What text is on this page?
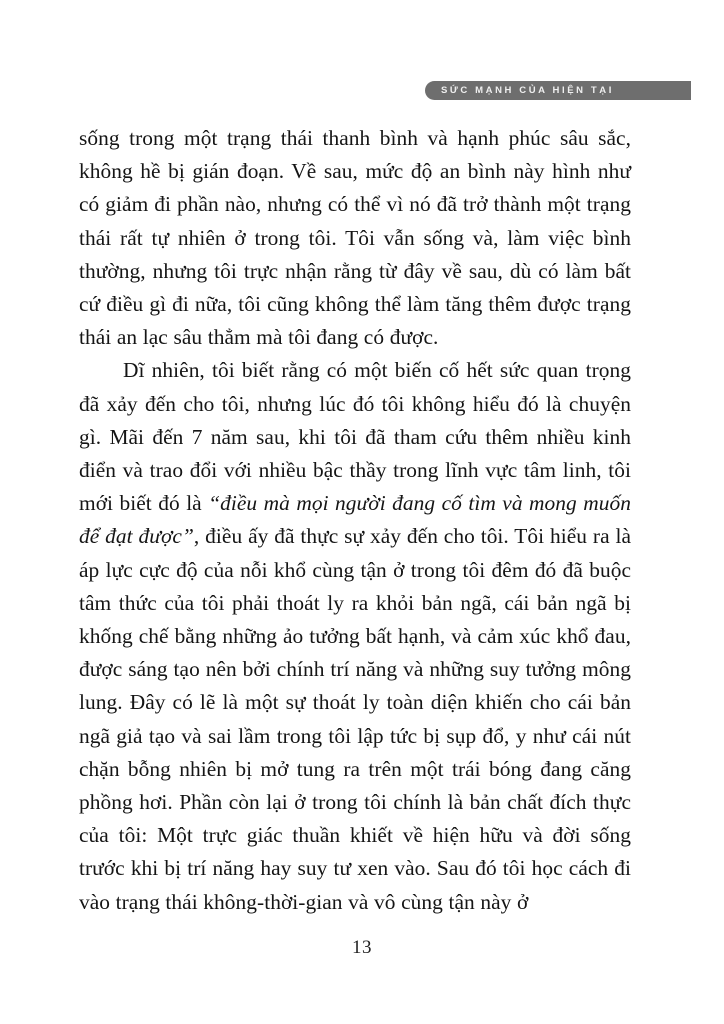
SỨC MẠNH CỦA HIỆN TẠI

sống trong một trạng thái thanh bình và hạnh phúc sâu sắc, không hề bị gián đoạn. Về sau, mức độ an bình này hình như có giảm đi phần nào, nhưng có thể vì nó đã trở thành một trạng thái rất tự nhiên ở trong tôi. Tôi vẫn sống và, làm việc bình thường, nhưng tôi trực nhận rằng từ đây về sau, dù có làm bất cứ điều gì đi nữa, tôi cũng không thể làm tăng thêm được trạng thái an lạc sâu thẳm mà tôi đang có được.

Dĩ nhiên, tôi biết rằng có một biến cố hết sức quan trọng đã xảy đến cho tôi, nhưng lúc đó tôi không hiểu đó là chuyện gì. Mãi đến 7 năm sau, khi tôi đã tham cứu thêm nhiều kinh điển và trao đổi với nhiều bậc thầy trong lĩnh vực tâm linh, tôi mới biết đó là “điều mà mọi người đang cố tìm và mong muốn để đạt được”, điều ấy đã thực sự xảy đến cho tôi. Tôi hiểu ra là áp lực cực độ của nỗi khổ cùng tận ở trong tôi đêm đó đã buộc tâm thức của tôi phải thoát ly ra khỏi bản ngã, cái bản ngã bị khống chế bằng những ảo tưởng bất hạnh, và cảm xúc khổ đau, được sáng tạo nên bởi chính trí năng và những suy tưởng mông lung. Đây có lẽ là một sự thoát ly toàn diện khiến cho cái bản ngã giả tạo và sai lầm trong tôi lập tức bị sụp đổ, y như cái nút chặn bỗng nhiên bị mở tung ra trên một trái bóng đang căng phồng hơi. Phần còn lại ở trong tôi chính là bản chất đích thực của tôi: Một trực giác thuần khiết về hiện hữu và đời sống trước khi bị trí năng hay suy tư xen vào. Sau đó tôi học cách đi vào trạng thái không-thời-gian và vô cùng tận này ở

13
